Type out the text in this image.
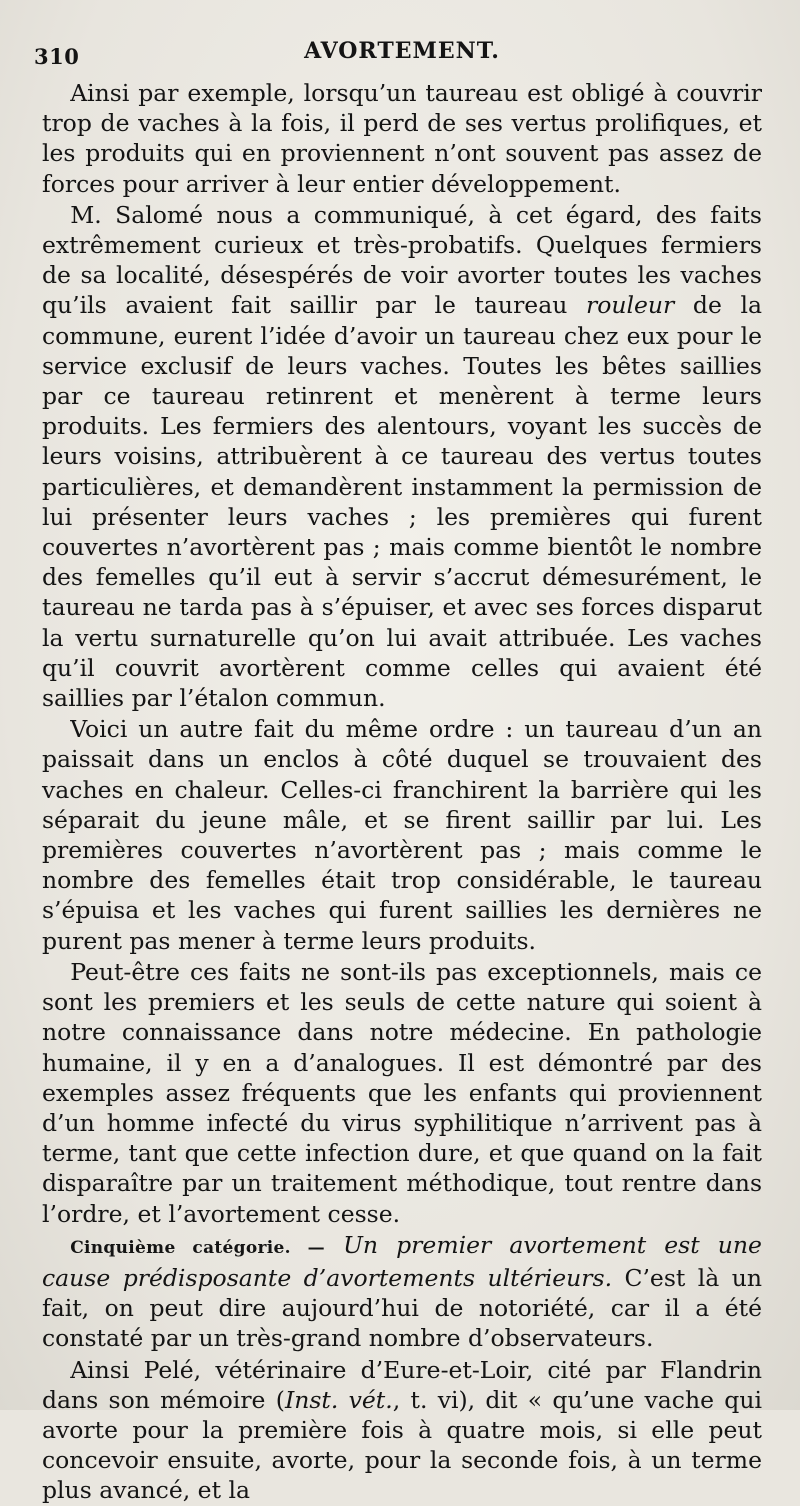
310	AVORTEMENT.

Ainsi par exemple, lorsqu’un taureau est obligé à couvrir trop de vaches à la fois, il perd de ses vertus prolifiques, et les produits qui en proviennent n’ont souvent pas assez de forces pour arriver à leur entier développement.

M. Salomé nous a communiqué, à cet égard, des faits extrêmement curieux et très-probatifs. Quelques fermiers de sa localité, désespérés de voir avorter toutes les vaches qu’ils avaient fait saillir par le taureau rouleur de la commune, eurent l’idée d’avoir un taureau chez eux pour le service exclusif de leurs vaches. Toutes les bêtes saillies par ce taureau retinrent et menèrent à terme leurs produits. Les fermiers des alentours, voyant les succès de leurs voisins, attribuèrent à ce taureau des vertus toutes particulières, et demandèrent instamment la permission de lui présenter leurs vaches ; les premières qui furent couvertes n’avortèrent pas ; mais comme bientôt le nombre des femelles qu’il eut à servir s’accrut démesurément, le taureau ne tarda pas à s’épuiser, et avec ses forces disparut la vertu surnaturelle qu’on lui avait attribuée. Les vaches qu’il couvrit avortèrent comme celles qui avaient été saillies par l’étalon commun.

Voici un autre fait du même ordre : un taureau d’un an paissait dans un enclos à côté duquel se trouvaient des vaches en chaleur. Celles-ci franchirent la barrière qui les séparait du jeune mâle, et se firent saillir par lui. Les premières couvertes n’avortèrent pas ; mais comme le nombre des femelles était trop considérable, le taureau s’épuisa et les vaches qui furent saillies les dernières ne purent pas mener à terme leurs produits.

Peut-être ces faits ne sont-ils pas exceptionnels, mais ce sont les premiers et les seuls de cette nature qui soient à notre connaissance dans notre médecine. En pathologie humaine, il y en a d’analogues. Il est démontré par des exemples assez fréquents que les enfants qui proviennent d’un homme infecté du virus syphilitique n’arrivent pas à terme, tant que cette infection dure, et que quand on la fait disparaître par un traitement méthodique, tout rentre dans l’ordre, et l’avortement cesse.

Cinquième catégorie. — Un premier avortement est une cause prédisposante d’avortements ultérieurs. C’est là un fait, on peut dire aujourd’hui de notoriété, car il a été constaté par un très-grand nombre d’observateurs.

Ainsi Pelé, vétérinaire d’Eure-et-Loir, cité par Flandrin dans son mémoire (Inst. vét., t. vi), dit « qu’une vache qui avorte pour la première fois à quatre mois, si elle peut concevoir ensuite, avorte, pour la seconde fois, à un terme plus avancé, et la
